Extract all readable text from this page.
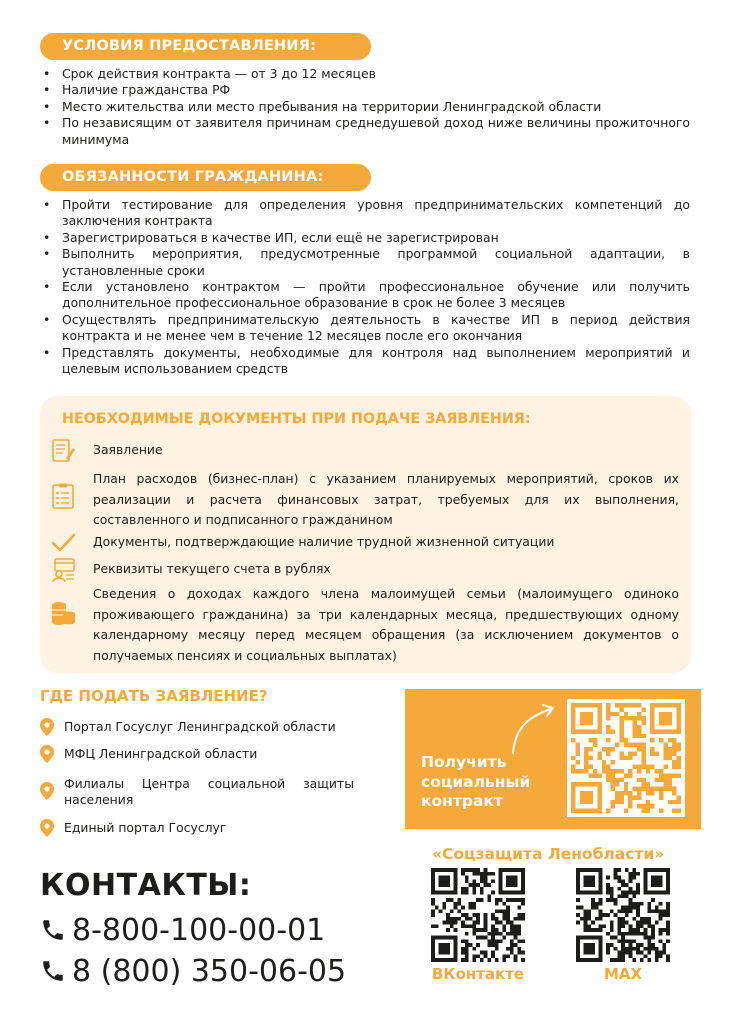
УСЛОВИЯ ПРЕДОСТАВЛЕНИЯ:
• Срок действия контракта — от 3 до 12 месяцев
• Наличие гражданства РФ
• Место жительства или место пребывания на территории Ленинградской области
• По независящим от заявителя причинам среднедушевой доход ниже величины прожиточного минимума
ОБЯЗАННОСТИ ГРАЖДАНИНА:
• Пройти тестирование для определения уровня предпринимательских компетенций до заключения контракта
• Зарегистрироваться в качестве ИП, если ещё не зарегистрирован
• Выполнить мероприятия, предусмотренные программой социальной адаптации, в установленные сроки
• Если установлено контрактом — пройти профессиональное обучение или получить дополнительное профессиональное образование в срок не более 3 месяцев
• Осуществлять предпринимательскую деятельность в качестве ИП в период действия контракта и не менее чем в течение 12 месяцев после его окончания
• Представлять документы, необходимые для контроля над выполнением мероприятий и целевым использованием средств
НЕОБХОДИМЫЕ ДОКУМЕНТЫ ПРИ ПОДАЧЕ ЗАЯВЛЕНИЯ:
Заявление
План расходов (бизнес-план) с указанием планируемых мероприятий, сроков их реализации и расчета финансовых затрат, требуемых для их выполнения, составленного и подписанного гражданином
Документы, подтверждающие наличие трудной жизненной ситуации
Реквизиты текущего счета в рублях
Сведения о доходах каждого члена малоимущей семьи (малоимущего одиноко проживающего гражданина) за три календарных месяца, предшествующих одному календарному месяцу перед месяцем обращения (за исключением документов о получаемых пенсиях и социальных выплатах)
ГДЕ ПОДАТЬ ЗАЯВЛЕНИЕ?
Портал Госуслуг Ленинградской области
МФЦ Ленинградской области
Филиалы Центра социальной защиты населения
Единый портал Госуслуг
Получить
социальный
контракт
КОНТАКТЫ:
8-800-100-00-01
8 (800) 350-06-05
«Соцзащита Ленобласти»
ВКонтакте	MAX
